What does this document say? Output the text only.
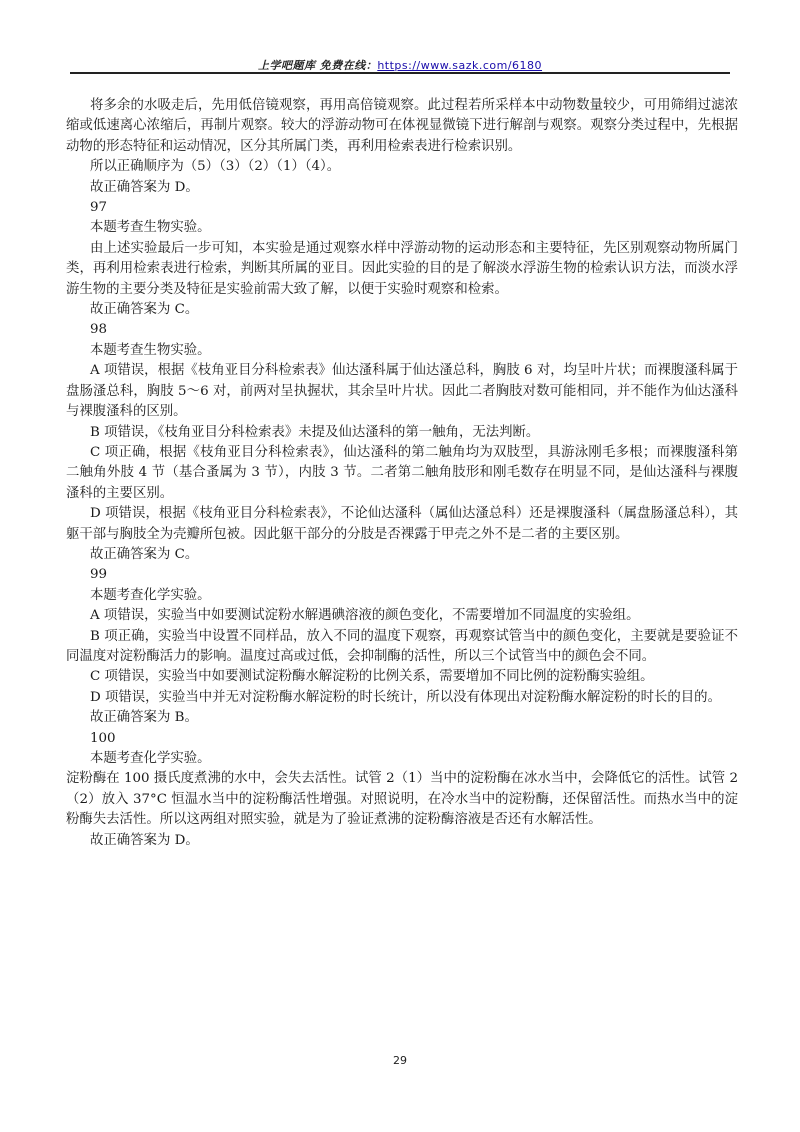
上学吧题库 免费在线：https://www.sazk.com/6180

将多余的水吸走后，先用低倍镜观察，再用高倍镜观察。此过程若所采样本中动物数量较少，可用筛绢过滤浓缩或低速离心浓缩后，再制片观察。较大的浮游动物可在体视显微镜下进行解剖与观察。观察分类过程中，先根据动物的形态特征和运动情况，区分其所属门类，再利用检索表进行检索识别。

所以正确顺序为（5）（3）（2）（1）（4）。

故正确答案为 D。

97

本题考查生物实验。

由上述实验最后一步可知，本实验是通过观察水样中浮游动物的运动形态和主要特征，先区别观察动物所属门类，再利用检索表进行检索，判断其所属的亚目。因此实验的目的是了解淡水浮游生物的检索认识方法，而淡水浮游生物的主要分类及特征是实验前需大致了解，以便于实验时观察和检索。

故正确答案为 C。

98

本题考查生物实验。

A 项错误，根据《枝角亚目分科检索表》仙达溞科属于仙达溞总科，胸肢 6 对，均呈叶片状；而裸腹溞科属于盘肠溞总科，胸肢 5～6 对，前两对呈执握状，其余呈叶片状。因此二者胸肢对数可能相同，并不能作为仙达溞科与裸腹溞科的区别。

B 项错误，《枝角亚目分科检索表》未提及仙达溞科的第一触角，无法判断。

C 项正确，根据《枝角亚目分科检索表》，仙达溞科的第二触角均为双肢型，具游泳刚毛多根；而裸腹溞科第二触角外肢 4 节（基合蚤属为 3 节），内肢 3 节。二者第二触角肢形和刚毛数存在明显不同，是仙达溞科与裸腹溞科的主要区别。

D 项错误，根据《枝角亚目分科检索表》，不论仙达溞科（属仙达溞总科）还是裸腹溞科（属盘肠溞总科），其躯干部与胸肢全为壳瓣所包被。因此躯干部分的分肢是否裸露于甲壳之外不是二者的主要区别。

故正确答案为 C。

99

本题考查化学实验。

A 项错误，实验当中如要测试淀粉水解遇碘溶液的颜色变化，不需要增加不同温度的实验组。

B 项正确，实验当中设置不同样品，放入不同的温度下观察，再观察试管当中的颜色变化，主要就是要验证不同温度对淀粉酶活力的影响。温度过高或过低，会抑制酶的活性，所以三个试管当中的颜色会不同。

C 项错误，实验当中如要测试淀粉酶水解淀粉的比例关系，需要增加不同比例的淀粉酶实验组。

D 项错误，实验当中并无对淀粉酶水解淀粉的时长统计，所以没有体现出对淀粉酶水解淀粉的时长的目的。

故正确答案为 B。

100

本题考查化学实验。

淀粉酶在 100 摄氏度煮沸的水中，会失去活性。试管 2（1）当中的淀粉酶在冰水当中，会降低它的活性。试管 2（2）放入 37°C 恒温水当中的淀粉酶活性增强。对照说明，在冷水当中的淀粉酶，还保留活性。而热水当中的淀粉酶失去活性。所以这两组对照实验，就是为了验证煮沸的淀粉酶溶液是否还有水解活性。

故正确答案为 D。

29
